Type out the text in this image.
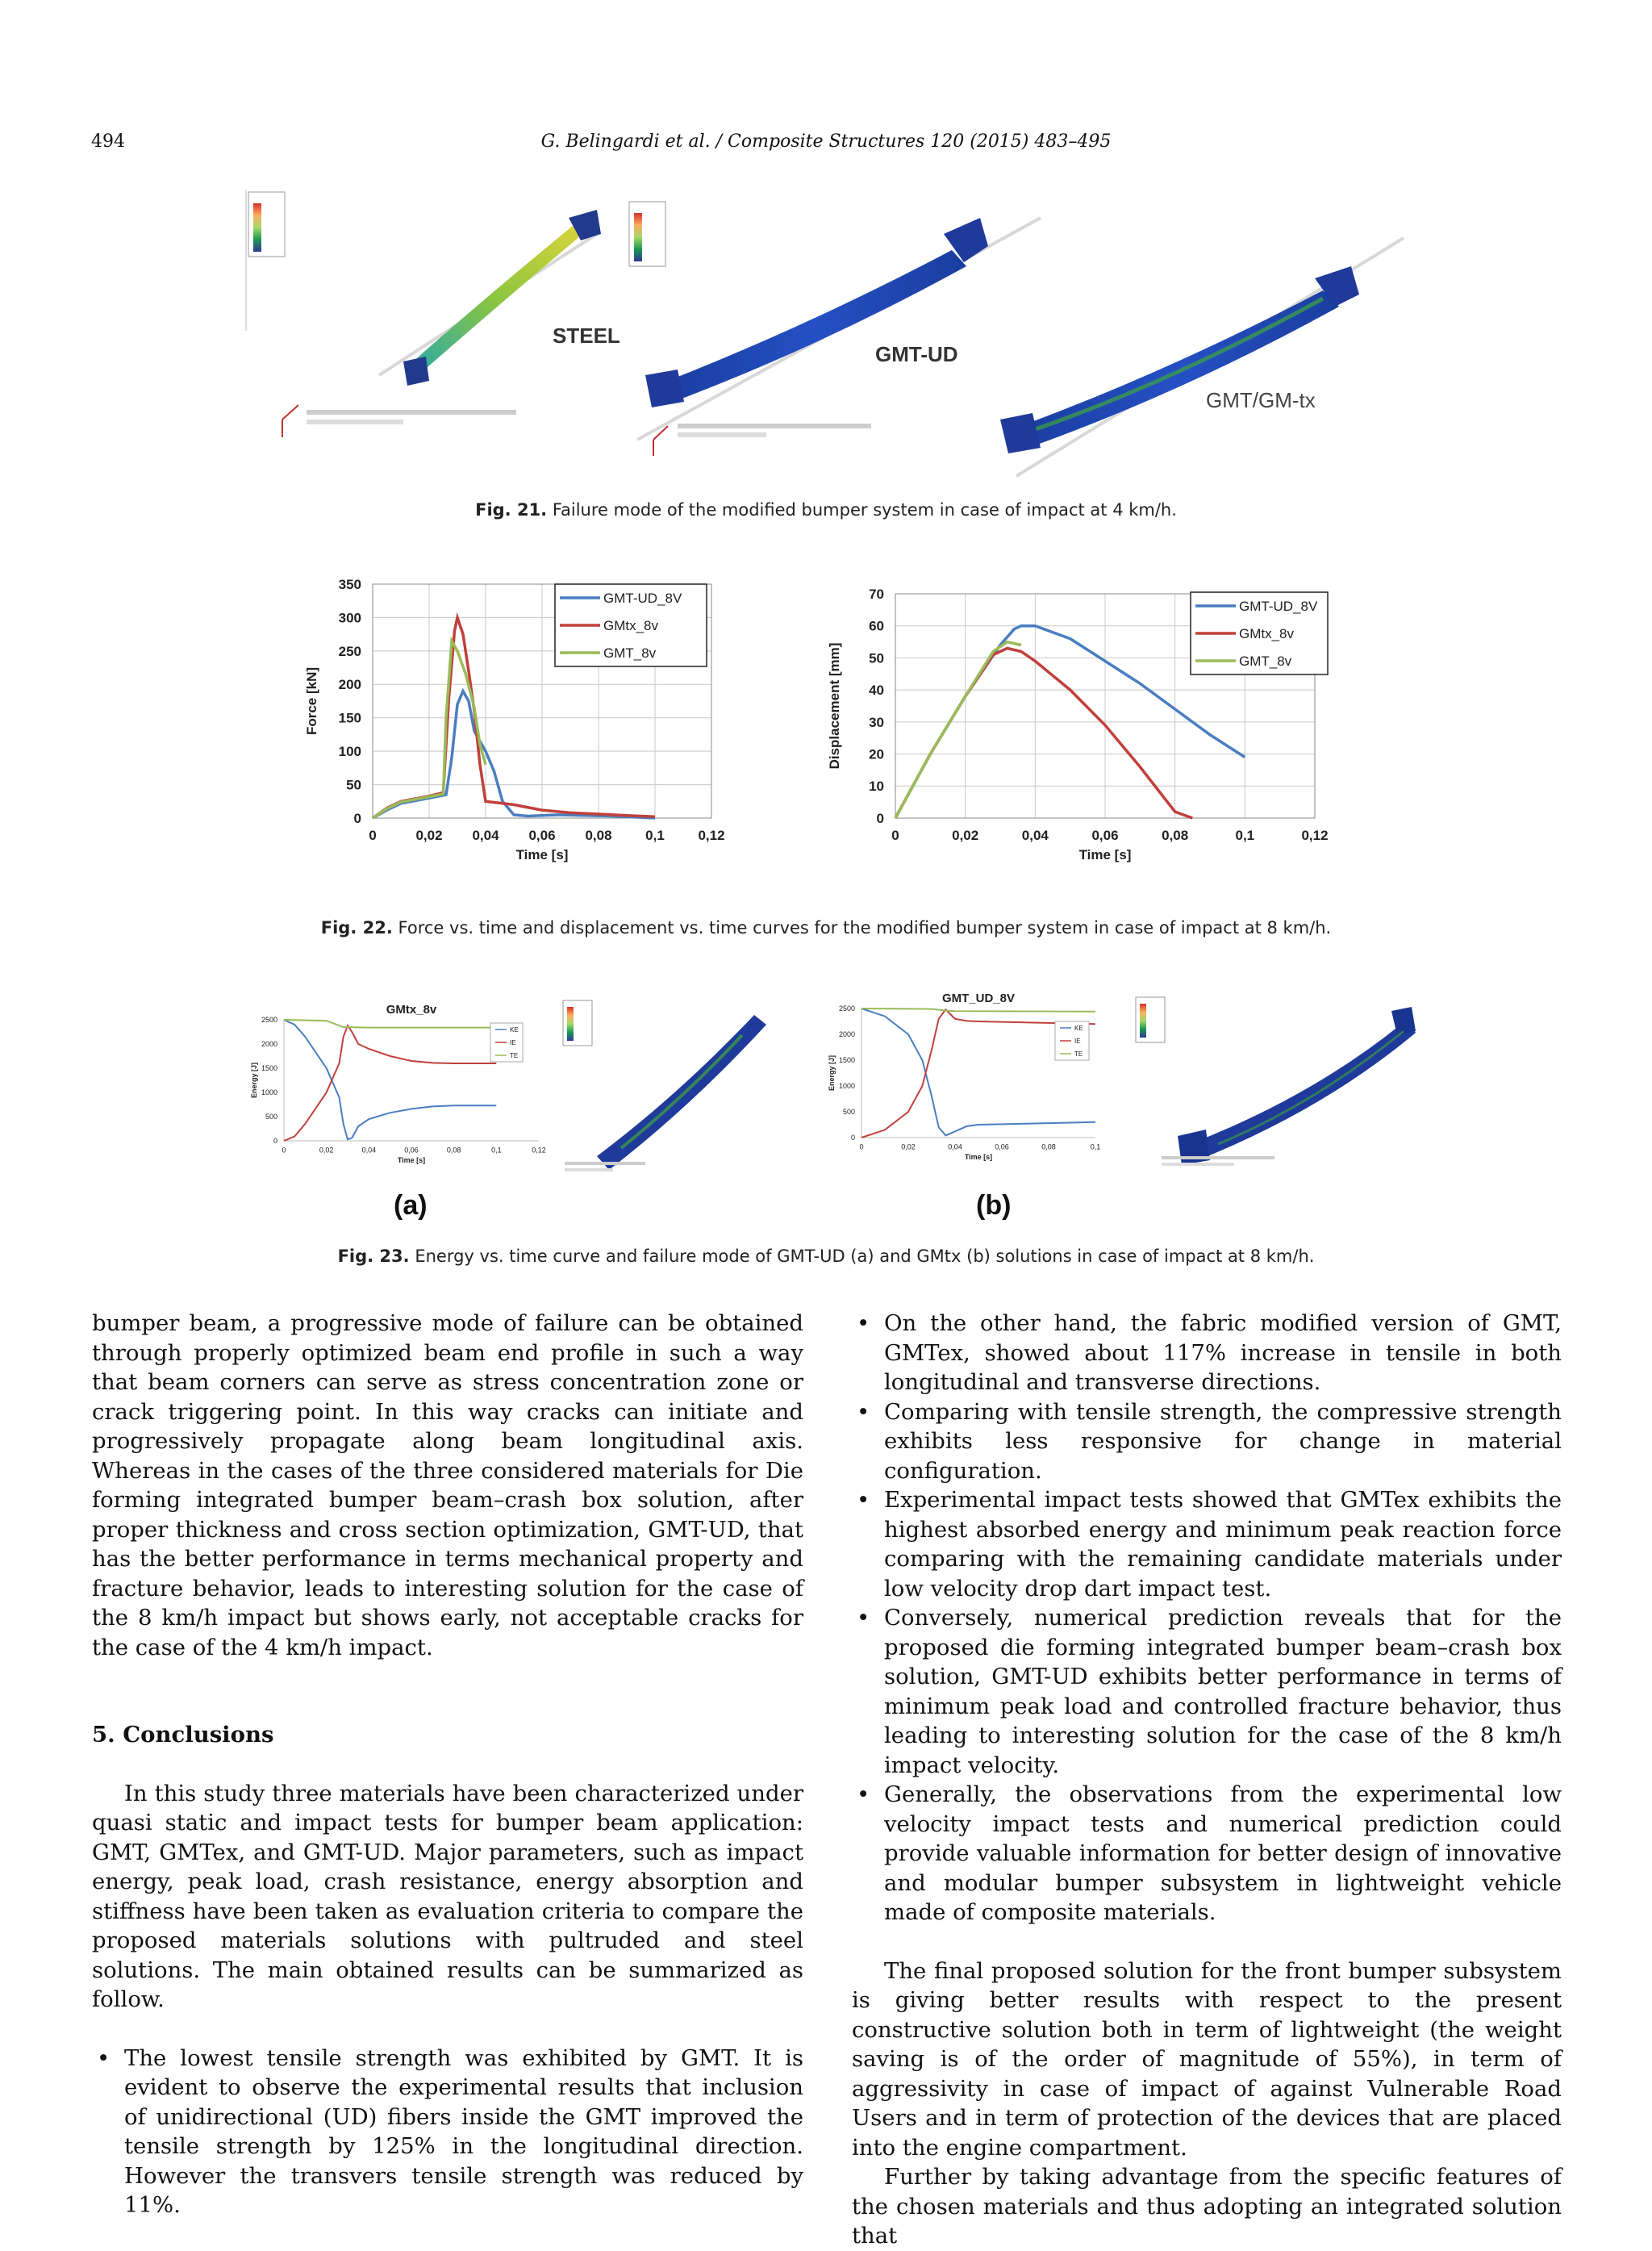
494	G. Belingardi et al. / Composite Structures 120 (2015) 483–495
STEEL
GMT-UD
GMT/GM-tx
Fig. 21. Failure mode of the modified bumper system in case of impact at 4 km/h.
0
50
100
150
200
250
300
350
0	0,02 0,04 0,06 0,08 0,1 0,12
Time [s]
Force [kN]
GMT-UD_8V
GMtx_8v
GMT_8v
0
10
20
30
40
50
60
70
0	0,02	0,04	0,06	0,08	0,1	0,12
Time [s]
Displacement [mm]
GMT-UD_8V
GMtx_8v
GMT_8v
Fig. 22. Force vs. time and displacement vs. time curves for the modified bumper system in case of impact at 8 km/h.
0
500
1000
1500
2000
2500
0	0,02	0,04	0,06	0,08	0,1	0,12
Time [s]
Energy [J]
GMtx_8v
KE
IE
TE
0
500
1000
1500
2000
2500
0	0,02	0,04	0,06	0,08	0,1
Time [s]
Energy [J]
GMT_UD_8V
KE
IE
TE
(a)	(b)
Fig. 23. Energy vs. time curve and failure mode of GMT-UD (a) and GMtx (b) solutions in case of impact at 8 km/h.

bumper beam, a progressive mode of failure can be obtained through properly optimized beam end profile in such a way that beam corners can serve as stress concentration zone or crack triggering point. In this way cracks can initiate and progressively propagate along beam longitudinal axis. Whereas in the cases of the three considered materials for Die forming integrated bumper beam–crash box solution, after proper thickness and cross section optimization, GMT-UD, that has the better performance in terms mechanical property and fracture behavior, leads to interesting solution for the case of the 8 km/h impact but shows early, not acceptable cracks for the case of the 4 km/h impact.

5. Conclusions

In this study three materials have been characterized under quasi static and impact tests for bumper beam application: GMT, GMTex, and GMT-UD. Major parameters, such as impact energy, peak load, crash resistance, energy absorption and stiffness have been taken as evaluation criteria to compare the proposed materials solutions with pultruded and steel solutions. The main obtained results can be summarized as follow.

• The lowest tensile strength was exhibited by GMT. It is evident to observe the experimental results that inclusion of unidirectional (UD) fibers inside the GMT improved the tensile strength by 125% in the longitudinal direction. However the transvers tensile strength was reduced by 11%.
• On the other hand, the fabric modified version of GMT, GMTex, showed about 117% increase in tensile in both longitudinal and transverse directions.
• Comparing with tensile strength, the compressive strength exhibits less responsive for change in material configuration.
• Experimental impact tests showed that GMTex exhibits the highest absorbed energy and minimum peak reaction force comparing with the remaining candidate materials under low velocity drop dart impact test.
• Conversely, numerical prediction reveals that for the proposed die forming integrated bumper beam–crash box solution, GMT-UD exhibits better performance in terms of minimum peak load and controlled fracture behavior, thus leading to interesting solution for the case of the 8 km/h impact velocity.
• Generally, the observations from the experimental low velocity impact tests and numerical prediction could provide valuable information for better design of innovative and modular bumper subsystem in lightweight vehicle made of composite materials.

The final proposed solution for the front bumper subsystem is giving better results with respect to the present constructive solution both in term of lightweight (the weight saving is of the order of magnitude of 55%), in term of aggressivity in case of impact of against Vulnerable Road Users and in term of protection of the devices that are placed into the engine compartment.

Further by taking advantage from the specific features of the chosen materials and thus adopting an integrated solution that
